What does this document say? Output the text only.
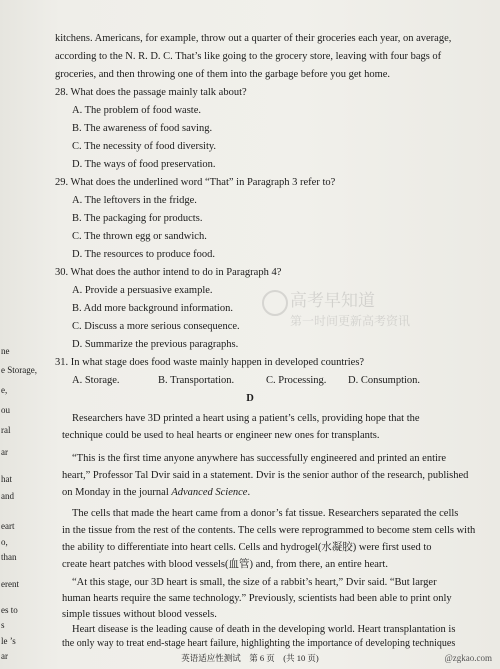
ne
e Storage,
e,
ou
ral
ar
hat
and
eart
o,
than
erent
es to
s
le ’s
ar
kitchens. Americans, for example, throw out a quarter of their groceries each year, on average,
according to the N. R. D. C. That’s like going to the grocery store, leaving with four bags of
groceries, and then throwing one of them into the garbage before you get home.
28. What does the passage mainly talk about?
A. The problem of food waste.
B. The awareness of food saving.
C. The necessity of food diversity.
D. The ways of food preservation.
29. What does the underlined word “That” in Paragraph 3 refer to?
A. The leftovers in the fridge.
B. The packaging for products.
C. The thrown egg or sandwich.
D. The resources to produce food.
30. What does the author intend to do in Paragraph 4?
A. Provide a persuasive example.
B. Add more background information.
C. Discuss a more serious consequence.
D. Summarize the previous paragraphs.
31. In what stage does food waste mainly happen in developed countries?
A. Storage.	B. Transportation.	C. Processing. D. Consumption.
D
Researchers have 3D printed a heart using a patient’s cells, providing hope that the
technique could be used to heal hearts or engineer new ones for transplants.
“This is the first time anyone anywhere has successfully engineered and printed an entire
heart,” Professor Tal Dvir said in a statement. Dvir is the senior author of the research, published
on Monday in the journal Advanced Science.
The cells that made the heart came from a donor’s fat tissue. Researchers separated the cells
in the tissue from the rest of the contents. The cells were reprogrammed to become stem cells with
the ability to differentiate into heart cells. Cells and hydrogel(水凝胶) were first used to
create heart patches with blood vessels(血管) and, from there, an entire heart.
“At this stage, our 3D heart is small, the size of a rabbit’s heart,” Dvir said. “But larger
human hearts require the same technology.” Previously, scientists had been able to print only
simple tissues without blood vessels.
Heart disease is the leading cause of death in the developing world. Heart transplantation is
the only way to treat end-stage heart failure, highlighting the importance of developing techniques
高考早知道
第一时间更新高考资讯
英语适应性测试　第 6 页　(共 10 页)	@zgkao.com
